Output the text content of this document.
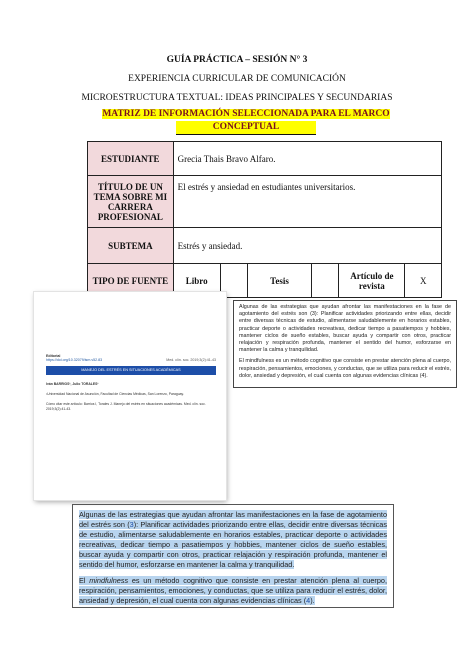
GUÍA PRÁCTICA – SESIÓN N° 3
EXPERIENCIA CURRICULAR DE COMUNICACIÓN
MICROESTRUCTURA TEXTUAL: IDEAS PRINCIPALES Y SECUNDARIAS
MATRIZ DE INFORMACIÓN SELECCIONADA PARA EL MARCO

CONCEPTUAL
ESTUDIANTE	Grecia Thais Bravo Alfaro.					
TÍTULO DE UN TEMA SOBRE MI CARRERA PROFESIONAL	El estrés y ansiedad en estudiantes universitarios.					
SUBTEMA	Estrés y ansiedad.					
TIPO DE FUENTE	Libro		Tesis		Artículo de revista	X
Editorial
https://doi.org/10.32079/ism.v52.83	Med. clín. soc. 2019;3(2):41-43
MANEJO DEL ESTRÉS EN SITUACIONES ACADÉMICAS
Iván BARRIOS¹, Julio TORALES¹
¹Universidad Nacional de Asunción, Facultad de Ciencias Médicas, San Lorenzo, Paraguay.
Cómo citar este artículo: Barrios I, Torales J. Manejo del estrés en situaciones académicas. Med. clín. soc. 2019;3(2):41-43.

Algunas de las estrategias que ayudan afrontar las manifestaciones en la fase de agotamiento del estrés son (3): Planificar actividades priorizando entre ellas, decidir entre diversas técnicas de estudio, alimentarse saludablemente en horarios estables, practicar deporte o actividades recreativas, dedicar tiempo a pasatiempos y hobbies, mantener ciclos de sueño estables, buscar ayuda y compartir con otros, practicar relajación y respiración profunda, mantener el sentido del humor, esforzarse en mantener la calma y tranquilidad.

El mindfulness es un método cognitivo que consiste en prestar atención plena al cuerpo, respiración, pensamientos, emociones, y conductas, que se utiliza para reducir el estrés, dolor, ansiedad y depresión, el cual cuenta con algunas evidencias clínicas (4).

Algunas de las estrategias que ayudan afrontar las manifestaciones en la fase de agotamiento del estrés son (3): Planificar actividades priorizando entre ellas, decidir entre diversas técnicas de estudio, alimentarse saludablemente en horarios estables, practicar deporte o actividades recreativas, dedicar tiempo a pasatiempos y hobbies, mantener ciclos de sueño estables, buscar ayuda y compartir con otros, practicar relajación y respiración profunda, mantener el sentido del humor, esforzarse en mantener la calma y tranquilidad.

El mindfulness es un método cognitivo que consiste en prestar atención plena al cuerpo, respiración, pensamientos, emociones, y conductas, que se utiliza para reducir el estrés, dolor, ansiedad y depresión, el cual cuenta con algunas evidencias clínicas (4).
